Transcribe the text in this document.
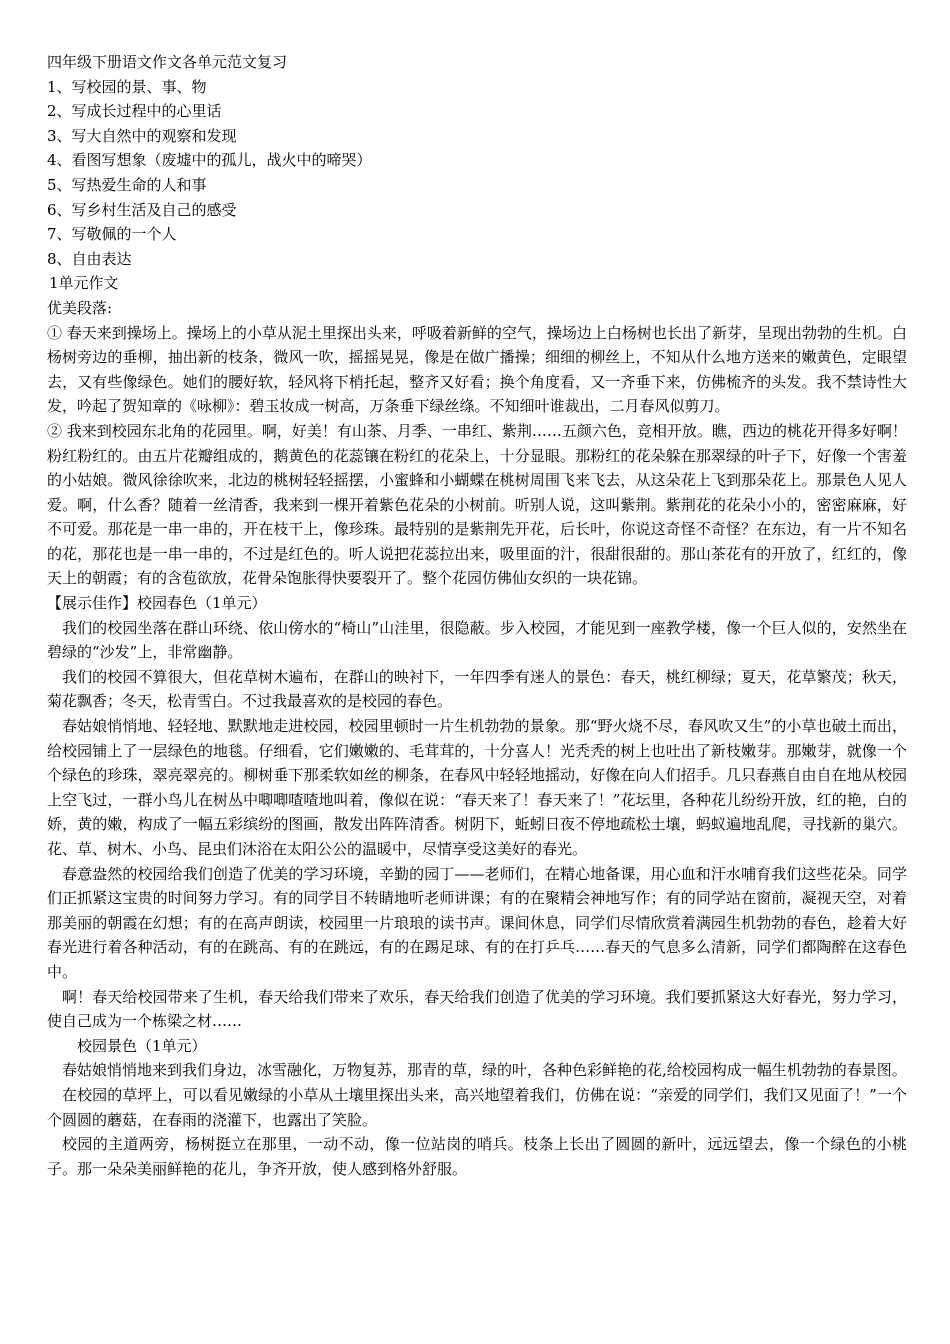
四年级下册语文作文各单元范文复习

1、写校园的景、事、物

2、写成长过程中的心里话

3、写大自然中的观察和发现

4、看图写想象（废墟中的孤儿，战火中的啼哭）

5、写热爱生命的人和事

6、写乡村生活及自己的感受

7、写敬佩的一个人

8、自由表达

1单元作文

优美段落:

① 春天来到操场上。操场上的小草从泥土里探出头来，呼吸着新鲜的空气，操场边上白杨树也长出了新芽，呈现出勃勃的生机。白杨树旁边的垂柳，抽出新的枝条，微风一吹，摇摇晃晃，像是在做广播操；细细的柳丝上，不知从什么地方送来的嫩黄色，定眼望去，又有些像绿色。她们的腰好软，轻风将下梢托起，整齐又好看；换个角度看，又一齐垂下来，仿佛梳齐的头发。我不禁诗性大发，吟起了贺知章的《咏柳》：碧玉妆成一树高，万条垂下绿丝绦。不知细叶谁裁出，二月春风似剪刀。

② 我来到校园东北角的花园里。啊，好美！有山茶、月季、一串红、紫荆……五颜六色，竞相开放。瞧，西边的桃花开得多好啊！粉红粉红的。由五片花瓣组成的，鹅黄色的花蕊镶在粉红的花朵上，十分显眼。那粉红的花朵躲在那翠绿的叶子下，好像一个害羞的小姑娘。微风徐徐吹来，北边的桃树轻轻摇摆，小蜜蜂和小蝴蝶在桃树周围飞来飞去，从这朵花上飞到那朵花上。那景色人见人爱。啊，什么香？随着一丝清香，我来到一棵开着紫色花朵的小树前。听别人说，这叫紫荆。紫荆花的花朵小小的，密密麻麻，好不可爱。那花是一串一串的，开在枝干上，像珍珠。最特别的是紫荆先开花，后长叶，你说这奇怪不奇怪？在东边，有一片不知名的花，那花也是一串一串的，不过是红色的。听人说把花蕊拉出来，吸里面的汁，很甜很甜的。那山茶花有的开放了，红红的，像天上的朝霞；有的含苞欲放，花骨朵饱胀得快要裂开了。整个花园仿佛仙女织的一块花锦。

【展示佳作】校园春色（1单元）

我们的校园坐落在群山环绕、依山傍水的“椅山”山洼里，很隐蔽。步入校园，才能见到一座教学楼，像一个巨人似的，安然坐在碧绿的“沙发”上，非常幽静。

我们的校园不算很大，但花草树木遍布，在群山的映衬下，一年四季有迷人的景色：春天，桃红柳绿；夏天，花草繁茂；秋天，菊花飘香；冬天，松青雪白。不过我最喜欢的是校园的春色。

春姑娘悄悄地、轻轻地、默默地走进校园，校园里顿时一片生机勃勃的景象。那“野火烧不尽，春风吹又生”的小草也破土而出，给校园铺上了一层绿色的地毯。仔细看，它们嫩嫩的、毛茸茸的，十分喜人！光秃秃的树上也吐出了新枝嫩芽。那嫩芽，就像一个个绿色的珍珠，翠亮翠亮的。柳树垂下那柔软如丝的柳条，在春风中轻轻地摇动，好像在向人们招手。几只春燕自由自在地从校园上空飞过，一群小鸟儿在树丛中唧唧喳喳地叫着，像似在说：“春天来了！春天来了！”花坛里，各种花儿纷纷开放，红的艳，白的娇，黄的嫩，构成了一幅五彩缤纷的图画，散发出阵阵清香。树阴下，蚯蚓日夜不停地疏松土壤，蚂蚁遍地乱爬，寻找新的巢穴。花、草、树木、小鸟、昆虫们沐浴在太阳公公的温暖中，尽情享受这美好的春光。

春意盎然的校园给我们创造了优美的学习环境，辛勤的园丁——老师们，在精心地备课，用心血和汗水哺育我们这些花朵。同学们正抓紧这宝贵的时间努力学习。有的同学目不转睛地听老师讲课；有的在聚精会神地写作；有的同学站在窗前，凝视天空，对着那美丽的朝霞在幻想；有的在高声朗读，校园里一片琅琅的读书声。课间休息，同学们尽情欣赏着满园生机勃勃的春色，趁着大好春光进行着各种活动，有的在跳高、有的在跳远，有的在踢足球、有的在打乒乓……春天的气息多么清新，同学们都陶醉在这春色中。

啊！春天给校园带来了生机，春天给我们带来了欢乐，春天给我们创造了优美的学习环境。我们要抓紧这大好春光，努力学习，使自己成为一个栋梁之材……

校园景色（1单元）

春姑娘悄悄地来到我们身边，冰雪融化，万物复苏，那青的草，绿的叶，各种色彩鲜艳的花,给校园构成一幅生机勃勃的春景图。

在校园的草坪上，可以看见嫩绿的小草从土壤里探出头来，高兴地望着我们，仿佛在说：“亲爱的同学们，我们又见面了！”一个个圆圆的蘑菇，在春雨的浇灌下，也露出了笑脸。

校园的主道两旁，杨树挺立在那里，一动不动，像一位站岗的哨兵。枝条上长出了圆圆的新叶，远远望去，像一个绿色的小桃子。那一朵朵美丽鲜艳的花儿，争齐开放，使人感到格外舒服。
